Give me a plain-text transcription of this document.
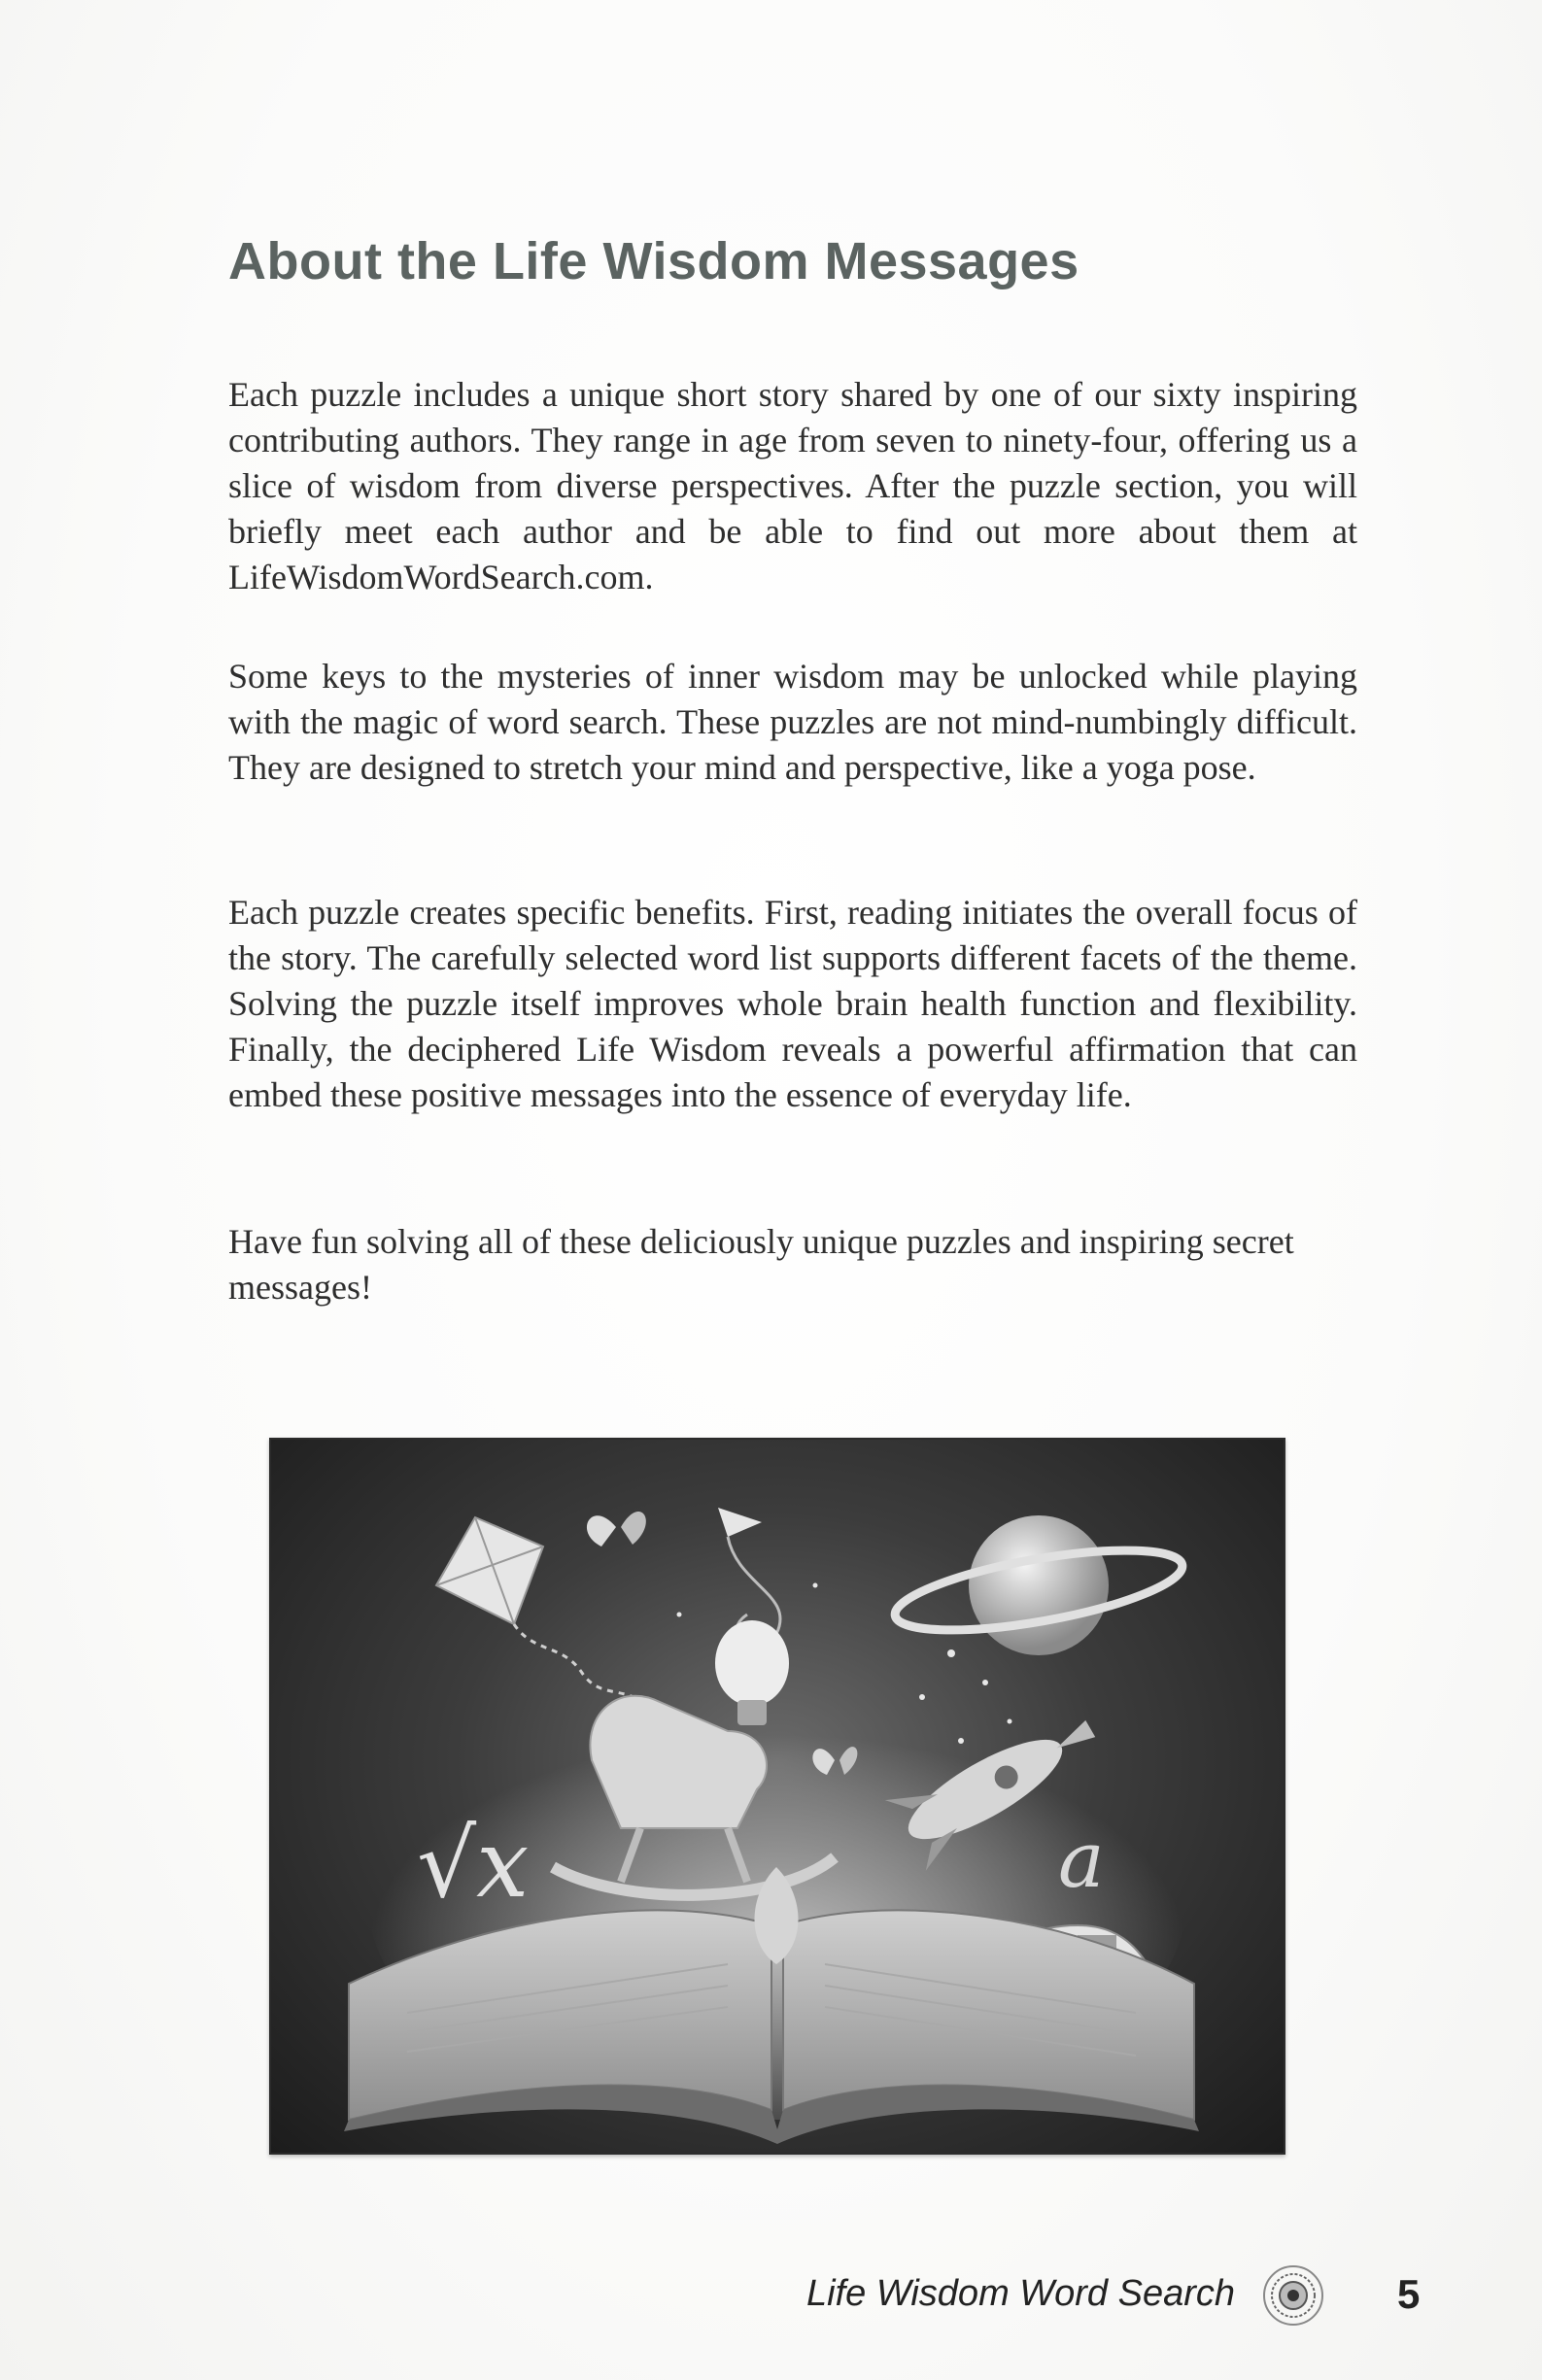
About the Life Wisdom Messages

Each puzzle includes a unique short story shared by one of our sixty inspiring contributing authors. They range in age from seven to ninety-four, offering us a slice of wisdom from diverse perspectives. After the puzzle section, you will briefly meet each author and be able to find out more about them at LifeWisdomWordSearch.com.

Some keys to the mysteries of inner wisdom may be unlocked while playing with the magic of word search. These puzzles are not mind-numbingly difficult. They are designed to stretch your mind and perspective, like a yoga pose.

Each puzzle creates specific benefits. First, reading initiates the overall focus of the story. The carefully selected word list supports different facets of the theme. Solving the puzzle itself improves whole brain health function and flexibility. Finally, the deciphered Life Wisdom reveals a powerful affirmation that can embed these positive messages into the essence of everyday life.

Have fun solving all of these deliciously unique puzzles and inspiring secret messages!

√x	a
Life Wisdom Word Search	5
